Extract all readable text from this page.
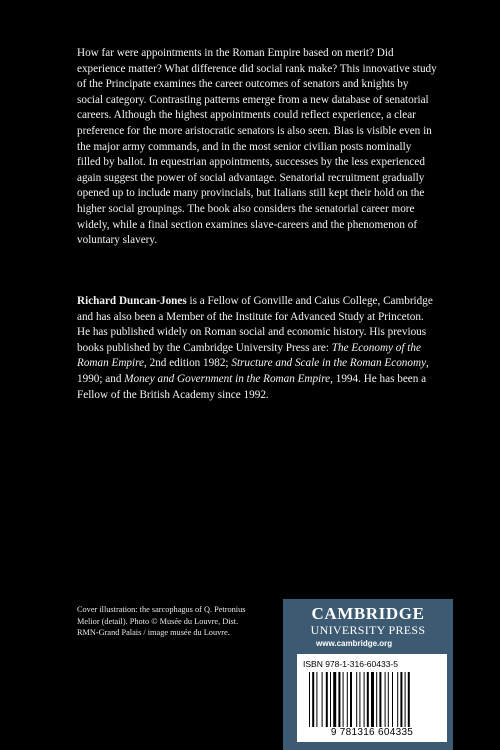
How far were appointments in the Roman Empire based on merit? Did experience matter? What difference did social rank make? This innovative study of the Principate examines the career outcomes of senators and knights by social category. Contrasting patterns emerge from a new database of senatorial careers. Although the highest appointments could reflect experience, a clear preference for the more aristocratic senators is also seen. Bias is visible even in the major army commands, and in the most senior civilian posts nominally filled by ballot. In equestrian appointments, successes by the less experienced again suggest the power of social advantage. Senatorial recruitment gradually opened up to include many provincials, but Italians still kept their hold on the higher social groupings. The book also considers the senatorial career more widely, while a final section examines slave-careers and the phenomenon of voluntary slavery.

Richard Duncan-Jones is a Fellow of Gonville and Caius College, Cambridge and has also been a Member of the Institute for Advanced Study at Princeton. He has published widely on Roman social and economic history. His previous books published by the Cambridge University Press are: The Economy of the Roman Empire, 2nd edition 1982; Structure and Scale in the Roman Economy, 1990; and Money and Government in the Roman Empire, 1994. He has been a Fellow of the British Academy since 1992.

Cover illustration: the sarcophagus of Q. Petronius Melior (detail). Photo © Musée du Louvre, Dist. RMN-Grand Palais / image musée du Louvre.
CAMBRIDGE
UNIVERSITY PRESS
www.cambridge.org
ISBN 978-1-316-60433-5
9 781316 604335
